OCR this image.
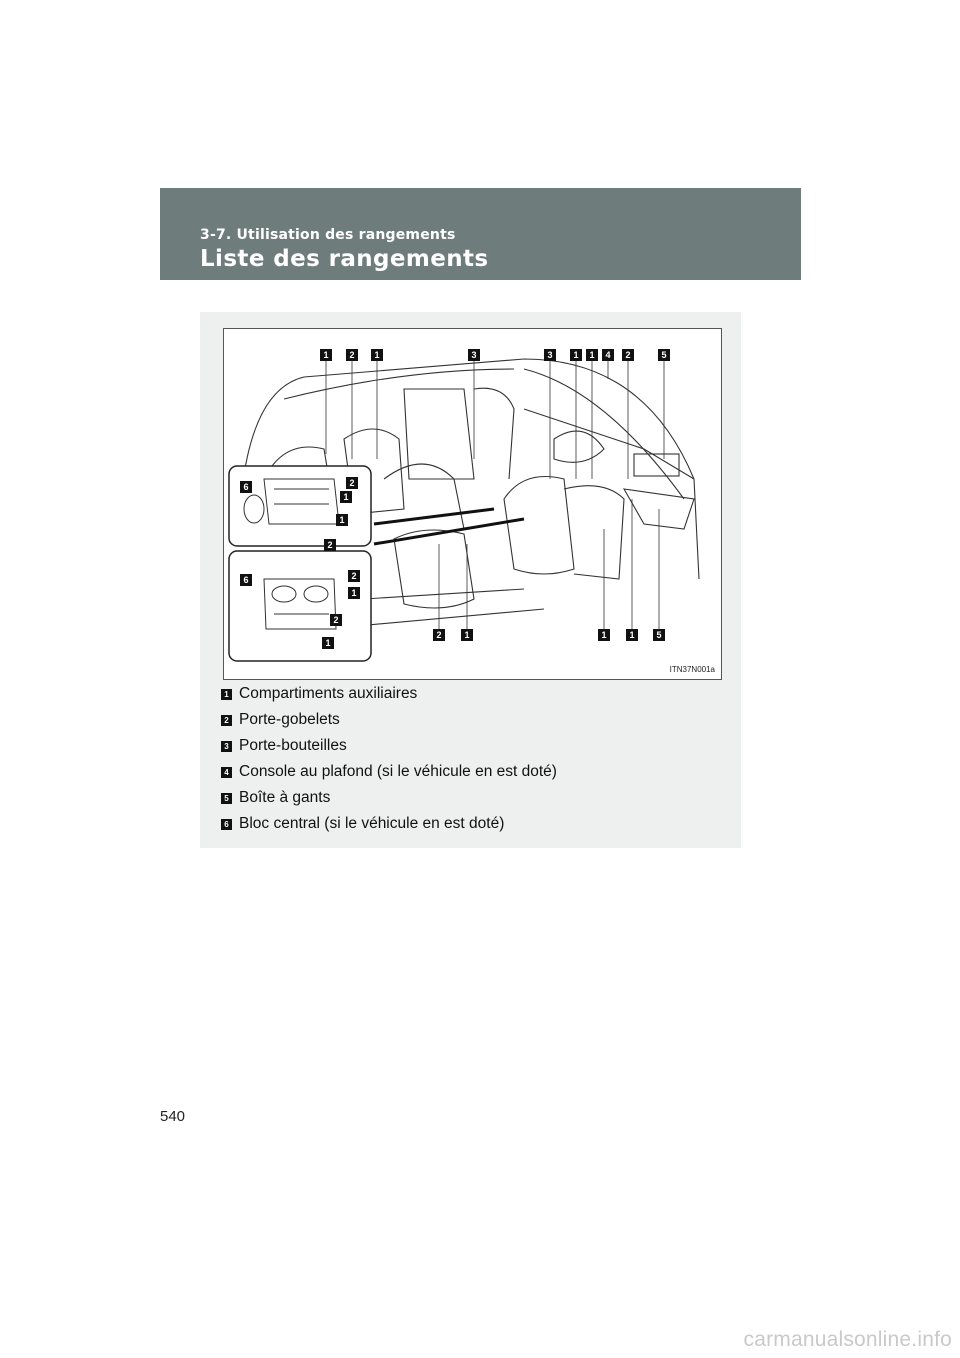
3-7. Utilisation des rangements
Liste des rangements
1 2 1	3	3 1 1 4 2	5
6	2
1
1
2
6	2
1
2
1
2	1	1	1 5
ITN37N001a
1 Compartiments auxiliaires
2 Porte-gobelets
3 Porte-bouteilles
4 Console au plafond (si le véhicule en est doté)
5 Boîte à gants
6 Bloc central (si le véhicule en est doté)
540
carmanualsonline.info
